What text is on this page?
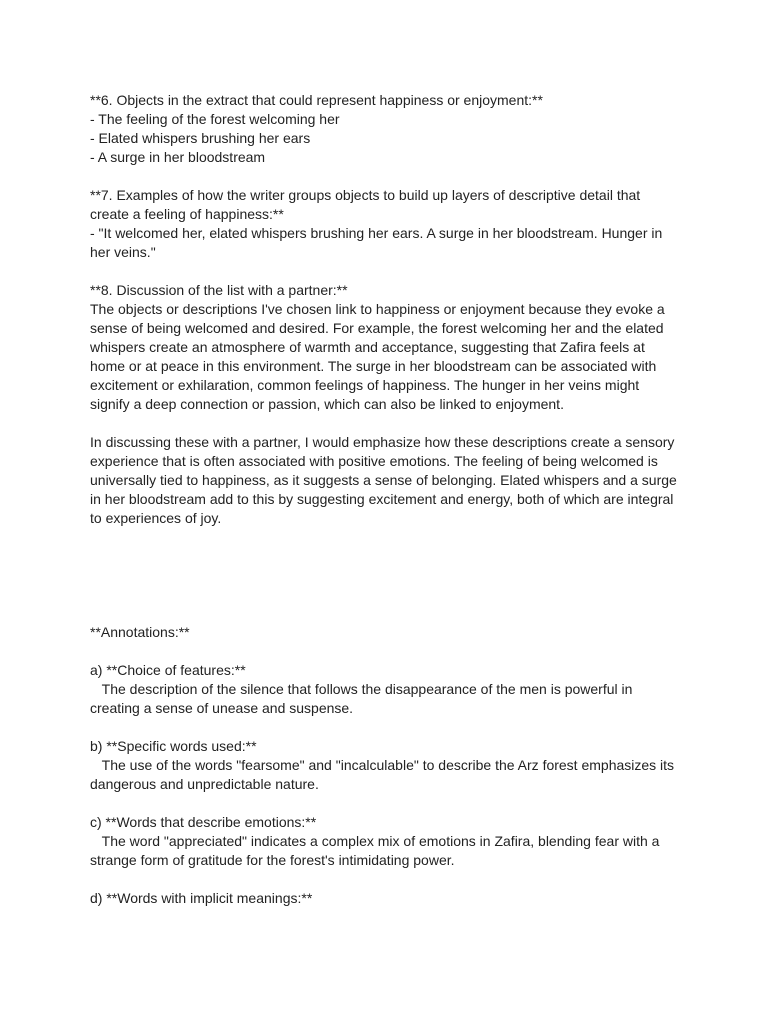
**6. Objects in the extract that could represent happiness or enjoyment:**
- The feeling of the forest welcoming her
- Elated whispers brushing her ears
- A surge in her bloodstream
**7. Examples of how the writer groups objects to build up layers of descriptive detail that create a feeling of happiness:**
- "It welcomed her, elated whispers brushing her ears. A surge in her bloodstream. Hunger in her veins."
**8. Discussion of the list with a partner:**
The objects or descriptions I've chosen link to happiness or enjoyment because they evoke a sense of being welcomed and desired. For example, the forest welcoming her and the elated whispers create an atmosphere of warmth and acceptance, suggesting that Zafira feels at home or at peace in this environment. The surge in her bloodstream can be associated with excitement or exhilaration, common feelings of happiness. The hunger in her veins might signify a deep connection or passion, which can also be linked to enjoyment.
In discussing these with a partner, I would emphasize how these descriptions create a sensory experience that is often associated with positive emotions. The feeling of being welcomed is universally tied to happiness, as it suggests a sense of belonging. Elated whispers and a surge in her bloodstream add to this by suggesting excitement and energy, both of which are integral to experiences of joy.
**Annotations:**
a) **Choice of features:**
The description of the silence that follows the disappearance of the men is powerful in creating a sense of unease and suspense.
b) **Specific words used:**
The use of the words "fearsome" and "incalculable" to describe the Arz forest emphasizes its dangerous and unpredictable nature.
c) **Words that describe emotions:**
The word "appreciated" indicates a complex mix of emotions in Zafira, blending fear with a strange form of gratitude for the forest's intimidating power.
d) **Words with implicit meanings:**
